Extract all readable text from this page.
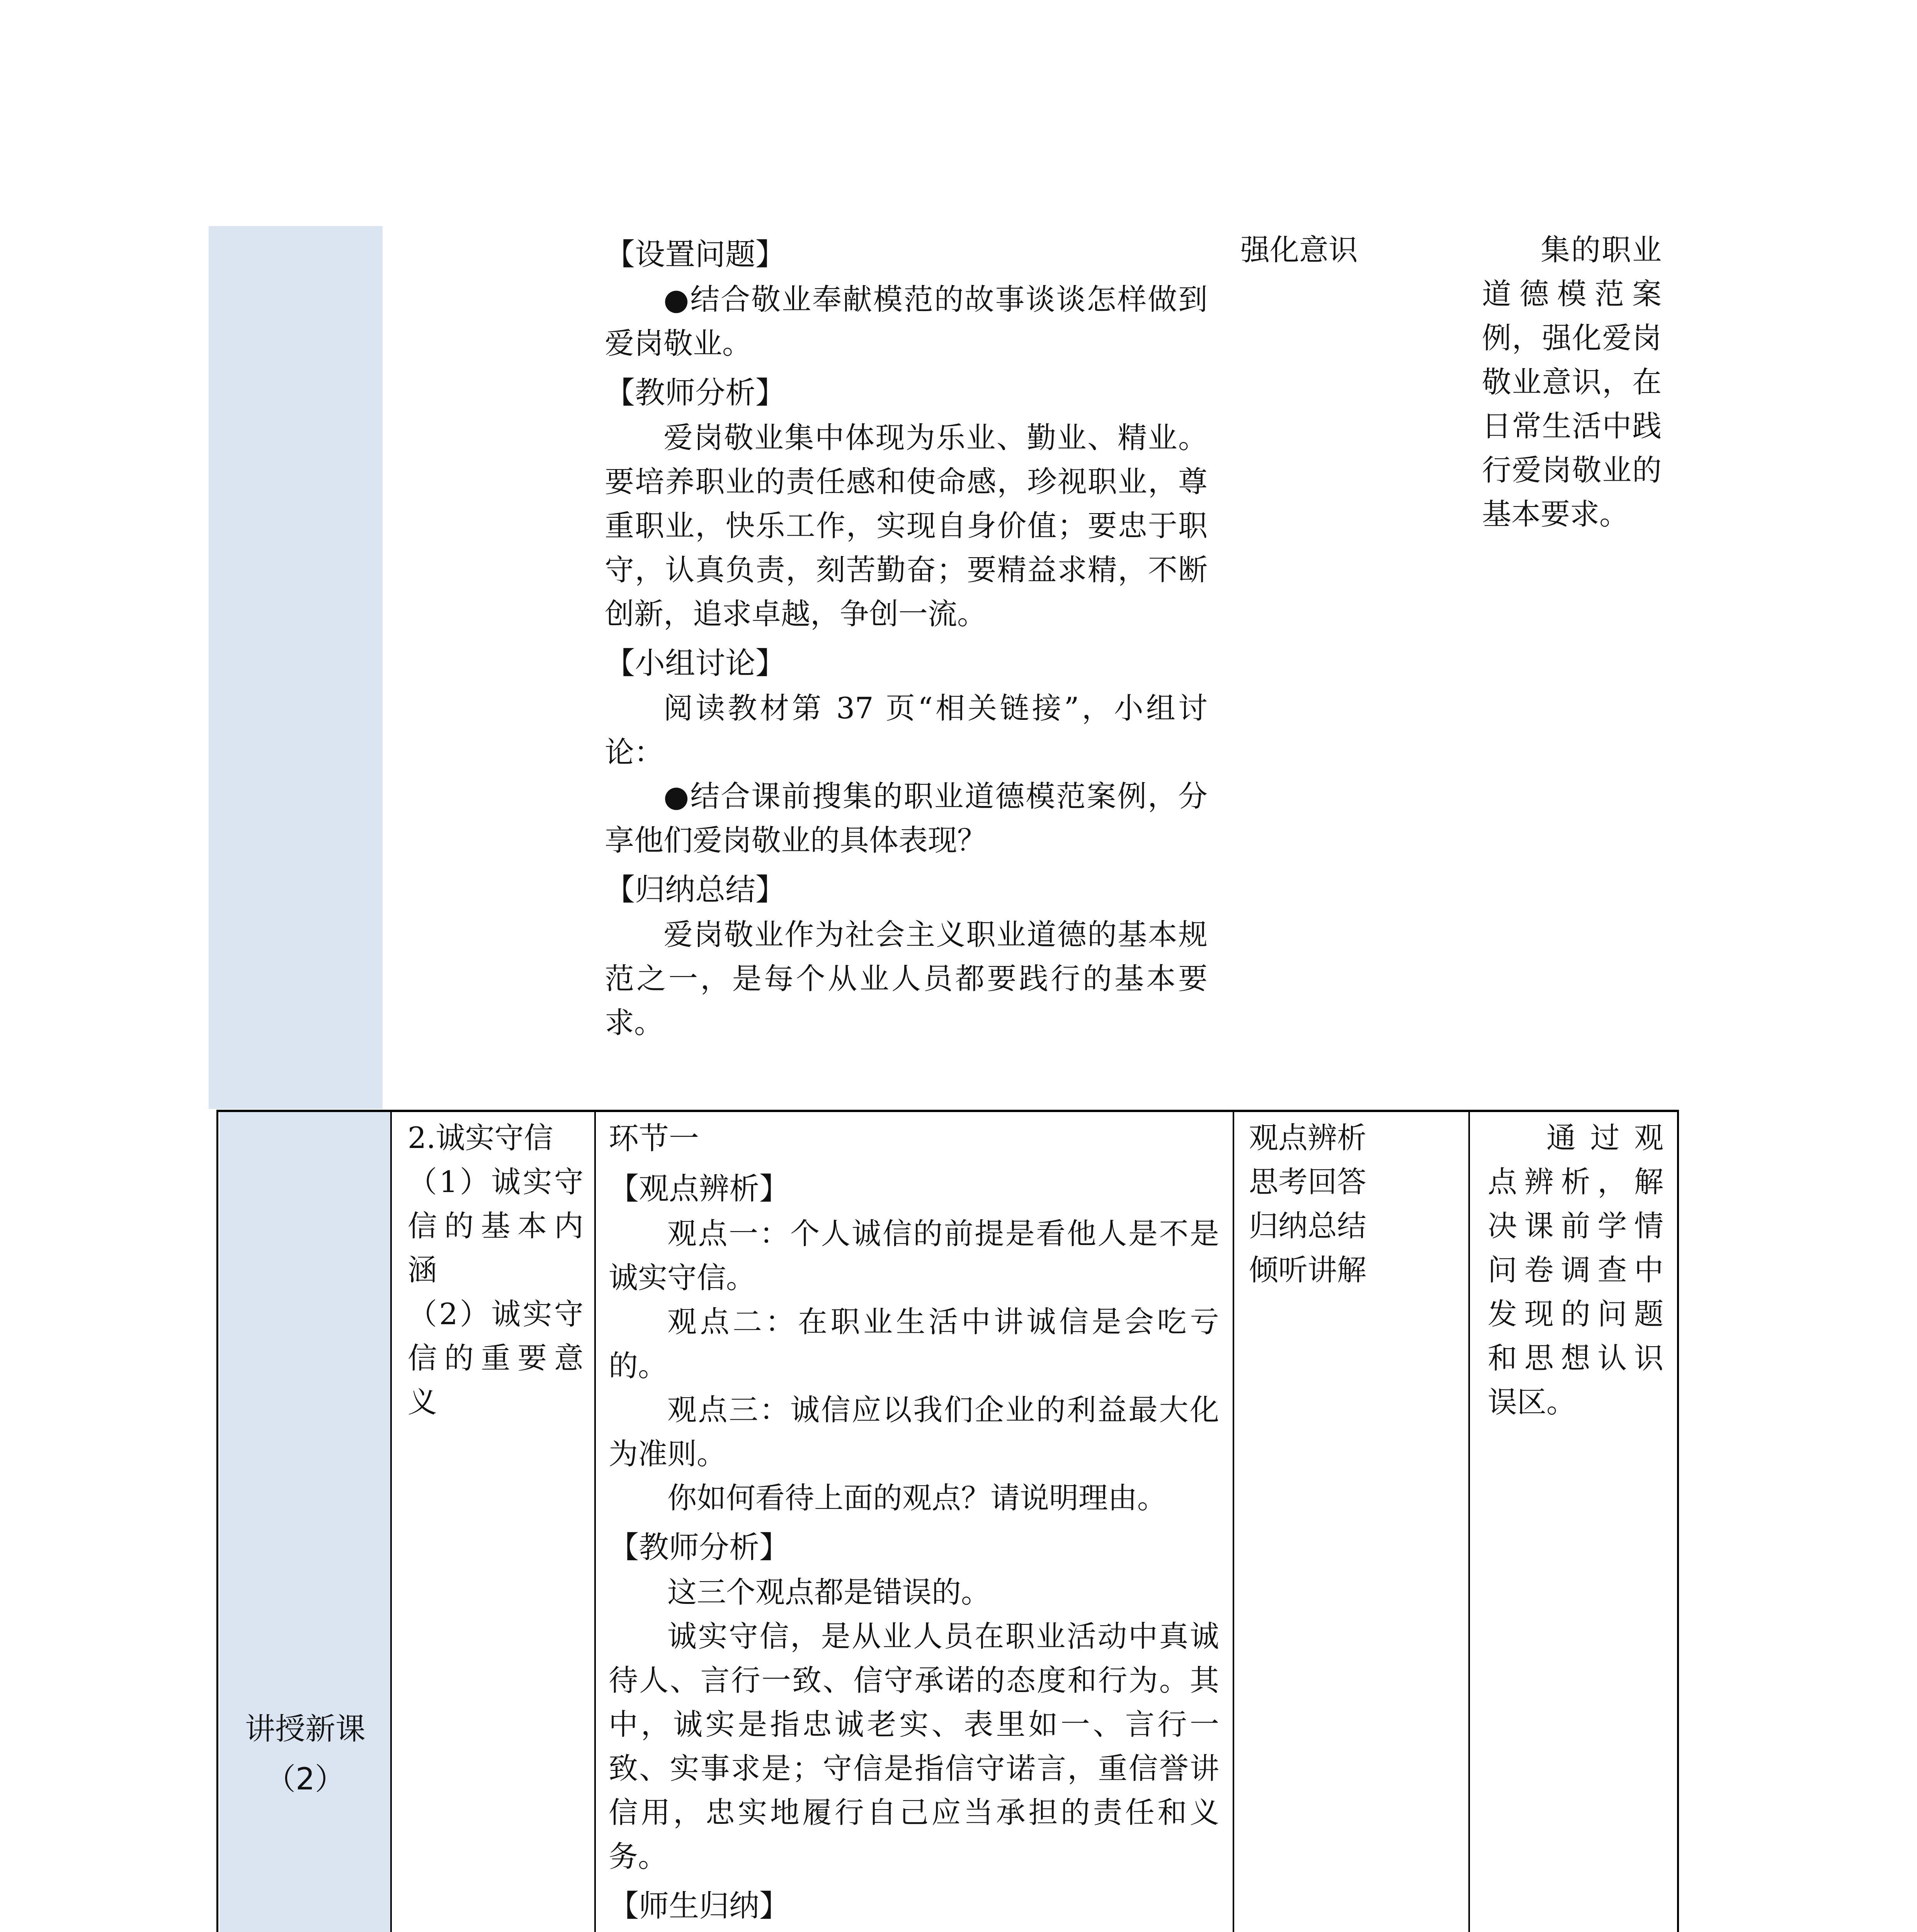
【设置问题】

●结合敬业奉献模范的故事谈谈怎样做到爱岗敬业。

【教师分析】

爱岗敬业集中体现为乐业、勤业、精业。要培养职业的责任感和使命感，珍视职业，尊重职业，快乐工作，实现自身价值；要忠于职守，认真负责，刻苦勤奋；要精益求精，不断创新，追求卓越，争创一流。

【小组讨论】

阅读教材第 37 页“相关链接”，小组讨论：

●结合课前搜集的职业道德模范案例，分享他们爱岗敬业的具体表现？

【归纳总结】

爱岗敬业作为社会主义职业道德的基本规范之一，是每个从业人员都要践行的基本要求。

强化意识	集的职业道德模范案例，强化爱岗敬业意识，在日常生活中践行爱岗敬业的基本要求。

讲授新课
（2）

2.诚实守信

（1）诚实守信的基本内涵

（2）诚实守信的重要意义

环节一

【观点辨析】

观点一：个人诚信的前提是看他人是不是诚实守信。

观点二：在职业生活中讲诚信是会吃亏的。

观点三：诚信应以我们企业的利益最大化为准则。

你如何看待上面的观点？请说明理由。

【教师分析】

这三个观点都是错误的。

诚实守信，是从业人员在职业活动中真诚待人、言行一致、信守承诺的态度和行为。其中，诚实是指忠诚老实、表里如一、言行一致、实事求是；守信是指信守诺言，重信誉讲信用，忠实地履行自己应当承担的责任和义务。

【师生归纳】

观点辨析

思考回答

归纳总结

倾听讲解

通过观点辨析，解决课前学情问卷调查中发现的问题和思想认识误区。
